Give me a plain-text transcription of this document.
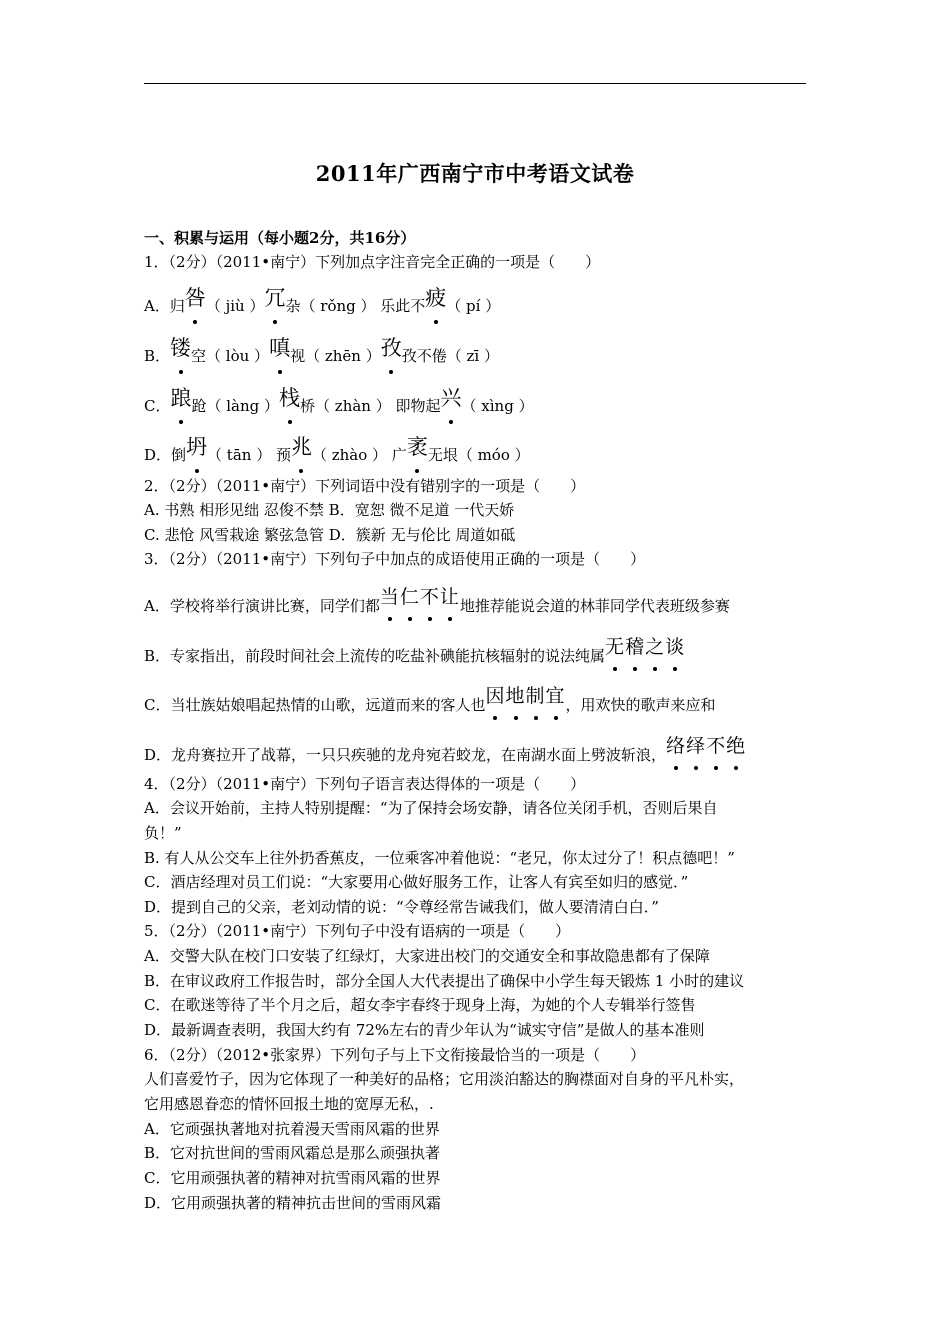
2011年广西南宁市中考语文试卷
一、积累与运用（每小题2分，共16分）
1．（2分）（2011•南宁）下列加点字注音完全正确的一项是（　　）
A．归咎（ jiù ）冗杂（ rǒng ） 乐此不疲（ pí ）
B．镂空（ lòu ）嗔视（ zhēn ）孜孜不倦（ zī ）
C．踉跄（ làng ）栈桥（ zhàn ） 即物起兴（ xìng ）
D．倒坍（ tān ） 预兆（ zhào ） 广袤无垠（ móo ）
2．（2分）（2011•南宁）下列词语中没有错别字的一项是（　　）
A. 书熟 相形见绌 忍俊不禁 B．宽恕 微不足道 一代天娇
C. 悲怆 风雪栽途 繁弦急管 D．簇新 无与伦比 周道如砥
3．（2分）（2011•南宁）下列句子中加点的成语使用正确的一项是（　　）
A．学校将举行演讲比赛，同学们都当仁不让地推荐能说会道的林菲同学代表班级参赛
B．专家指出，前段时间社会上流传的吃盐补碘能抗核辐射的说法纯属无稽之谈
C．当壮族姑娘唱起热情的山歌，远道而来的客人也因地制宜，用欢快的歌声来应和
D．龙舟赛拉开了战幕，一只只疾驰的龙舟宛若蛟龙，在南湖水面上劈波斩浪，络绎不绝
4．（2分）（2011•南宁）下列句子语言表达得体的一项是（　　）
A．会议开始前，主持人特别提醒：“为了保持会场安静，请各位关闭手机，否则后果自
负！”
B. 有人从公交车上往外扔香蕉皮，一位乘客冲着他说：“老兄，你太过分了！积点德吧！”
C．酒店经理对员工们说：“大家要用心做好服务工作，让客人有宾至如归的感觉．”
D．提到自己的父亲，老刘动情的说：“令尊经常告诫我们，做人要清清白白．”
5．（2分）（2011•南宁）下列句子中没有语病的一项是（　　）
A．交警大队在校门口安装了红绿灯，大家进出校门的交通安全和事故隐患都有了保障
B．在审议政府工作报告时，部分全国人大代表提出了确保中小学生每天锻炼 1 小时的建议
C．在歌迷等待了半个月之后，超女李宇春终于现身上海，为她的个人专辑举行签售
D．最新调查表明，我国大约有 72%左右的青少年认为“诚实守信”是做人的基本准则
6．（2分）（2012•张家界）下列句子与上下文衔接最恰当的一项是（　　）
人们喜爱竹子，因为它体现了一种美好的品格；它用淡泊豁达的胸襟面对自身的平凡朴实，
它用感恩眷恋的情怀回报土地的宽厚无私，.
A．它顽强执著地对抗着漫天雪雨风霜的世界
B．它对抗世间的雪雨风霜总是那么顽强执著
C．它用顽强执著的精神对抗雪雨风霜的世界
D．它用顽强执著的精神抗击世间的雪雨风霜
